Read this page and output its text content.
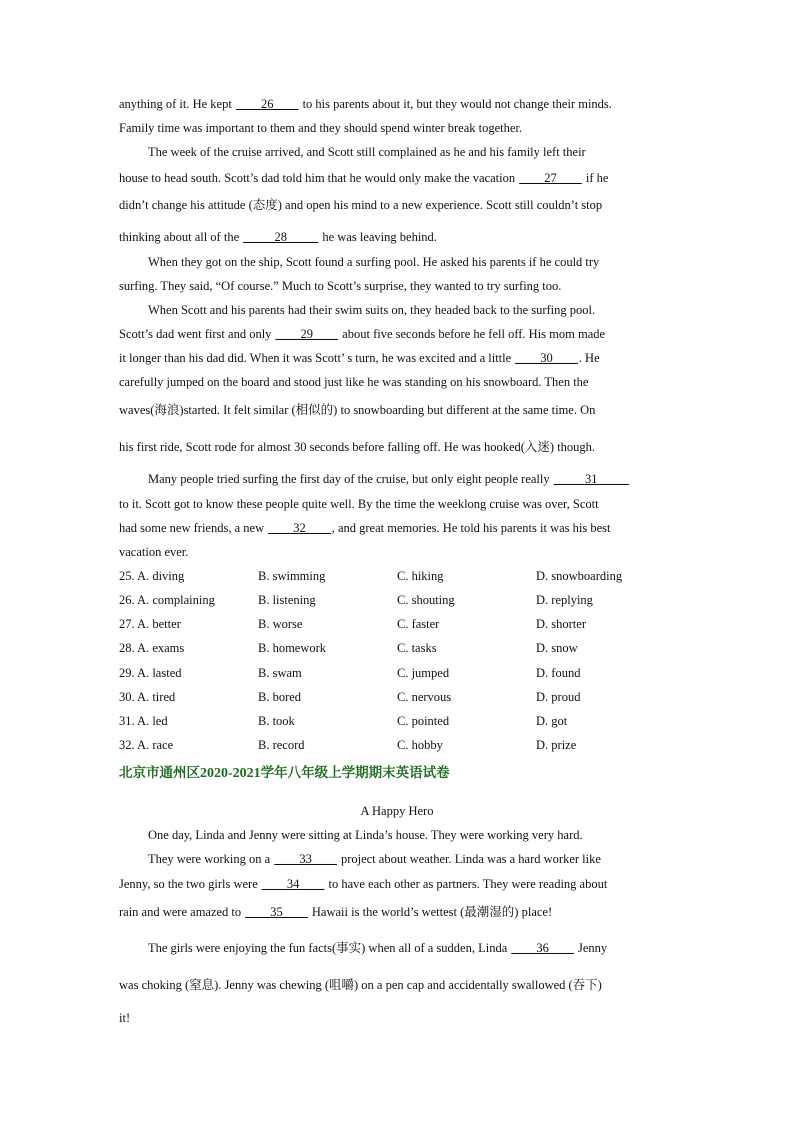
anything of it. He kept ____26____ to his parents about it, but they would not change their minds.
Family time was important to them and they should spend winter break together.
The week of the cruise arrived, and Scott still complained as he and his family left their
house to head south. Scott’s dad told him that he would only make the vacation ____27____ if he
didn’t change his attitude (态度) and open his mind to a new experience. Scott still couldn’t stop
thinking about all of the _____28_____ he was leaving behind.
When they got on the ship, Scott found a surfing pool. He asked his parents if he could try
surfing. They said, “Of course.” Much to Scott’s surprise, they wanted to try surfing too.
When Scott and his parents had their swim suits on, they headed back to the surfing pool.
Scott’s dad went first and only ____29____ about five seconds before he fell off. His mom made
it longer than his dad did. When it was Scott’ s turn, he was excited and a little ____30____. He
carefully jumped on the board and stood just like he was standing on his snowboard. Then the
waves(海浪)started. It felt similar (相似的) to snowboarding but different at the same time. On
his first ride, Scott rode for almost 30 seconds before falling off. He was hooked(入迷) though.
Many people tried surfing the first day of the cruise, but only eight people really _____31_____
to it. Scott got to know these people quite well. By the time the weeklong cruise was over, Scott
had some new friends, a new ____32____, and great memories. He told his parents it was his best
vacation ever.
25. A. diving	B. swimming	C. hiking	D. snowboarding
26. A. complaining	B. listening	C. shouting	D. replying
27. A. better	B. worse	C. faster	D. shorter
28. A. exams	B. homework	C. tasks	D. snow
29. A. lasted	B. swam	C. jumped	D. found
30. A. tired	B. bored	C. nervous	D. proud
31. A. led	B. took	C. pointed	D. got
32. A. race	B. record	C. hobby	D. prize
北京市通州区2020-2021学年八年级上学期期末英语试卷
A Happy Hero
One day, Linda and Jenny were sitting at Linda’s house. They were working very hard.
They were working on a ____33____ project about weather. Linda was a hard worker like
Jenny, so the two girls were ____34____ to have each other as partners. They were reading about
rain and were amazed to ____35____ Hawaii is the world’s wettest (最潮湿的) place!
The girls were enjoying the fun facts(事实) when all of a sudden, Linda ____36____ Jenny
was choking (窒息). Jenny was chewing (咀嚼) on a pen cap and accidentally swallowed (吞下)
it!
